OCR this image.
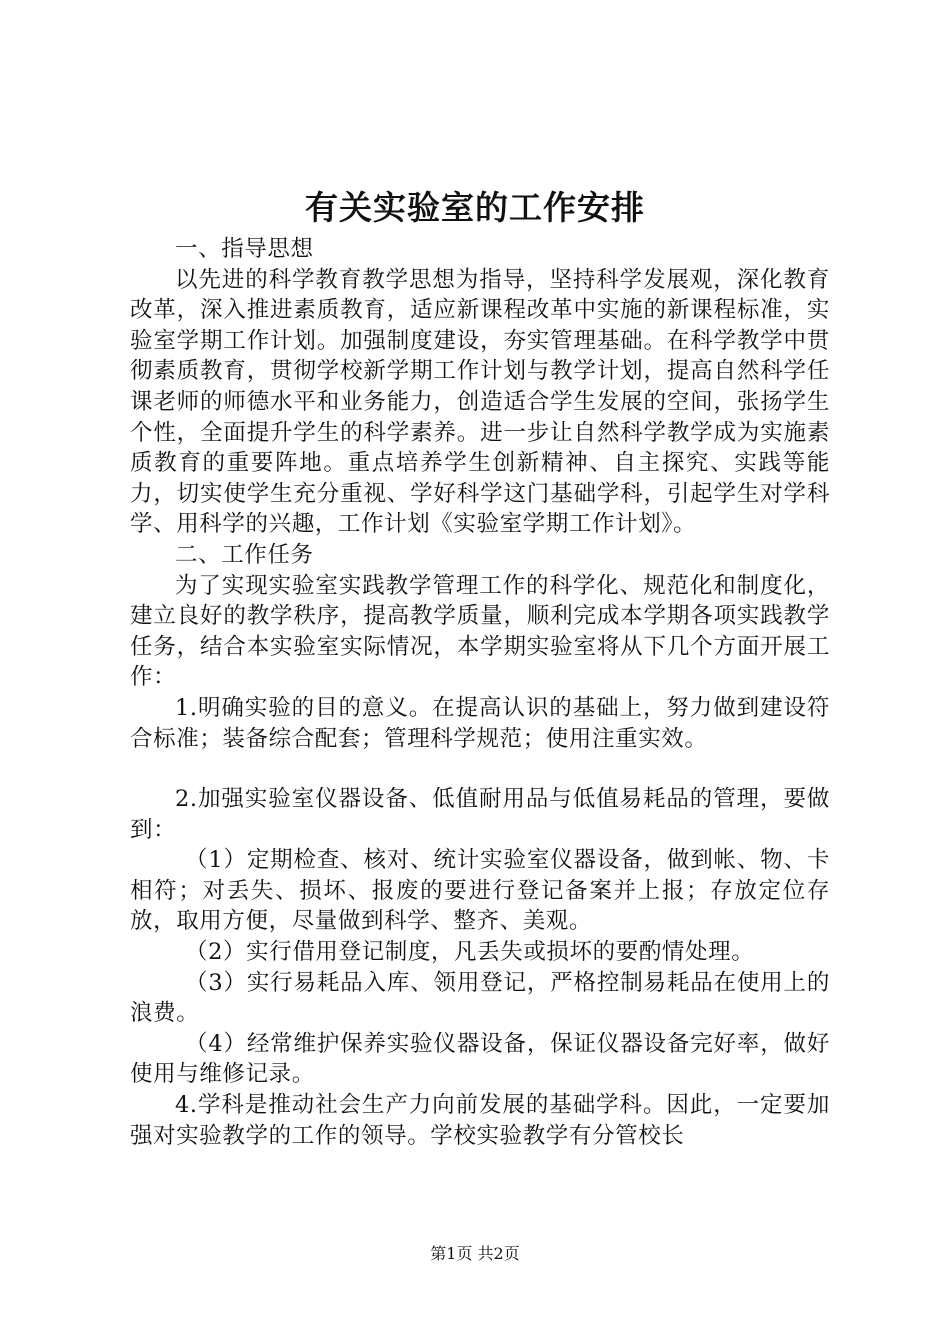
有关实验室的工作安排

一、指导思想

以先进的科学教育教学思想为指导，坚持科学发展观，深化教育改革，深入推进素质教育，适应新课程改革中实施的新课程标准，实验室学期工作计划。加强制度建设，夯实管理基础。在科学教学中贯彻素质教育，贯彻学校新学期工作计划与教学计划，提高自然科学任课老师的师德水平和业务能力，创造适合学生发展的空间，张扬学生个性，全面提升学生的科学素养。进一步让自然科学教学成为实施素质教育的重要阵地。重点培养学生创新精神、自主探究、实践等能力，切实使学生充分重视、学好科学这门基础学科，引起学生对学科学、用科学的兴趣，工作计划《实验室学期工作计划》。

二、工作任务

为了实现实验室实践教学管理工作的科学化、规范化和制度化，建立良好的教学秩序，提高教学质量，顺利完成本学期各项实践教学任务，结合本实验室实际情况，本学期实验室将从下几个方面开展工作：

1.明确实验的目的意义。在提高认识的基础上，努力做到建设符合标准；装备综合配套；管理科学规范；使用注重实效。

2.加强实验室仪器设备、低值耐用品与低值易耗品的管理，要做到：

（1）定期检查、核对、统计实验室仪器设备，做到帐、物、卡相符；对丢失、损坏、报废的要进行登记备案并上报；存放定位存放，取用方便，尽量做到科学、整齐、美观。

（2）实行借用登记制度，凡丢失或损坏的要酌情处理。

（3）实行易耗品入库、领用登记，严格控制易耗品在使用上的浪费。

（4）经常维护保养实验仪器设备，保证仪器设备完好率，做好使用与维修记录。

4.学科是推动社会生产力向前发展的基础学科。因此，一定要加强对实验教学的工作的领导。学校实验教学有分管校长

第1页 共2页
